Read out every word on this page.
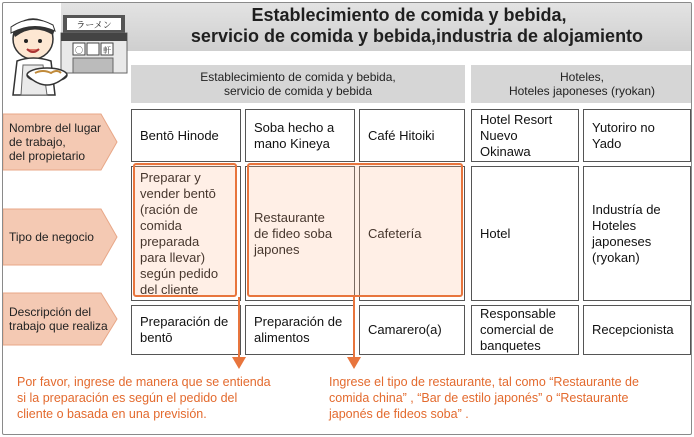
Establecimiento de comida y bebida,
servicio de comida y bebida,industria de alojamiento
ラーメン
〇	軒
Establecimiento de comida y bebida,
servicio de comida y bebida
Hoteles,
Hoteles japoneses (ryokan)
Nombre del lugar
de trabajo,
del propietario
Tipo de negocio
Descripción del
trabajo que realiza
Bentō Hinode
Preparar y
vender bentō
(ración de
comida
preparada
para llevar)
según pedido
del cliente
Preparación de
bentō
Soba hecho a
mano Kineya
Restaurante
de fideo soba
japones
Preparación de
alimentos
Café Hitoiki
Cafetería
Camarero(a)
Hotel Resort
Nuevo
Okinawa
Hotel
Responsable
comercial de
banquetes
Yutoriro no
Yado
Industría de
Hoteles
japoneses
(ryokan)
Recepcionista
Por favor, ingrese de manera que se entienda
si la preparación es según el pedido del
cliente o basada en una previsión.
Ingrese el tipo de restaurante, tal como “Restaurante de
comida china” , “Bar de estilo japonés” o “Restaurante
japonés de fideos soba” .
